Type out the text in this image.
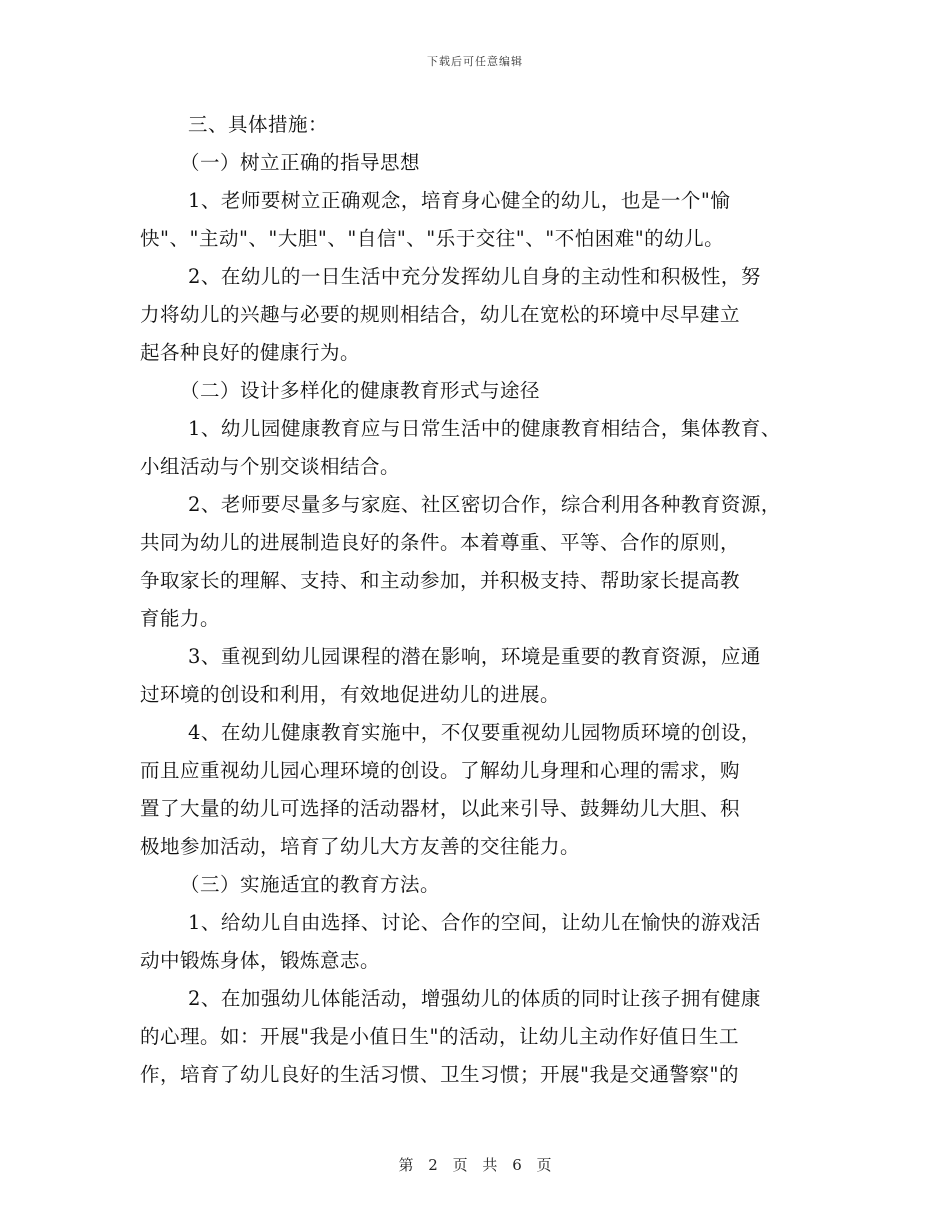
下载后可任意编辑
三、具体措施：
（一）树立正确的指导思想
1、老师要树立正确观念，培育身心健全的幼儿，也是一个"愉
快"、"主动"、"大胆"、"自信"、"乐于交往"、"不怕困难"的幼儿。
2、在幼儿的一日生活中充分发挥幼儿自身的主动性和积极性，努
力将幼儿的兴趣与必要的规则相结合，幼儿在宽松的环境中尽早建立
起各种良好的健康行为。
（二）设计多样化的健康教育形式与途径
1、幼儿园健康教育应与日常生活中的健康教育相结合，集体教育、
小组活动与个别交谈相结合。
2、老师要尽量多与家庭、社区密切合作，综合利用各种教育资源，
共同为幼儿的进展制造良好的条件。本着尊重、平等、合作的原则，
争取家长的理解、支持、和主动参加，并积极支持、帮助家长提高教
育能力。
3、重视到幼儿园课程的潜在影响，环境是重要的教育资源，应通
过环境的创设和利用，有效地促进幼儿的进展。
4、在幼儿健康教育实施中，不仅要重视幼儿园物质环境的创设，
而且应重视幼儿园心理环境的创设。了解幼儿身理和心理的需求，购
置了大量的幼儿可选择的活动器材，以此来引导、鼓舞幼儿大胆、积
极地参加活动，培育了幼儿大方友善的交往能力。
（三）实施适宜的教育方法。
1、给幼儿自由选择、讨论、合作的空间，让幼儿在愉快的游戏活
动中锻炼身体，锻炼意志。
2、在加强幼儿体能活动，增强幼儿的体质的同时让孩子拥有健康
的心理。如：开展"我是小值日生"的活动，让幼儿主动作好值日生工
作，培育了幼儿良好的生活习惯、卫生习惯；开展"我是交通警察"的
第 2 页 共 6 页
